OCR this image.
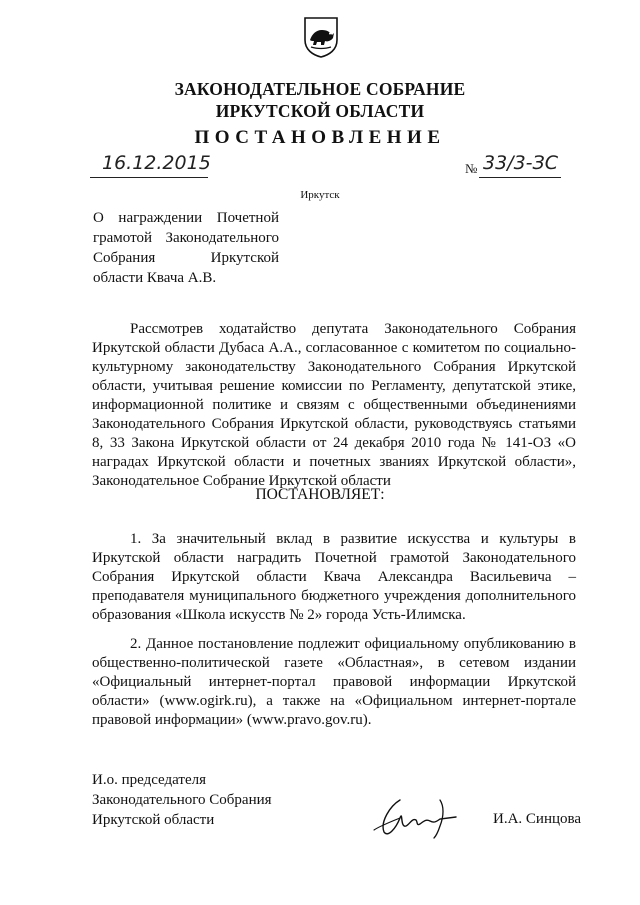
ЗАКОНОДАТЕЛЬНОЕ СОБРАНИЕ
ИРКУТСКОЙ ОБЛАСТИ
ПОСТАНОВЛЕНИЕ
16.12.2015	№ 33/3-ЗС
Иркутск
О награждении Почетной грамотой Законодательного Собрания Иркутской области Квача А.В.
Рассмотрев ходатайство депутата Законодательного Собрания Иркутской области Дубаса А.А., согласованное с комитетом по социально-культурному законодательству Законодательного Собрания Иркутской области, учитывая решение комиссии по Регламенту, депутатской этике, информационной политике и связям с общественными объединениями Законодательного Собрания Иркутской области, руководствуясь статьями 8, 33 Закона Иркутской области от 24 декабря 2010 года № 141-ОЗ «О наградах Иркутской области и почетных званиях Иркутской области», Законодательное Собрание Иркутской области
ПОСТАНОВЛЯЕТ:
1. За значительный вклад в развитие искусства и культуры в Иркутской области наградить Почетной грамотой Законодательного Собрания Иркутской области Квача Александра Васильевича – преподавателя муниципального бюджетного учреждения дополнительного образования «Школа искусств № 2» города Усть-Илимска.
2. Данное постановление подлежит официальному опубликованию в общественно-политической газете «Областная», в сетевом издании «Официальный интернет-портал правовой информации Иркутской области» (www.ogirk.ru), а также на «Официальном интернет-портале правовой информации» (www.pravo.gov.ru).
И.о. председателя
Законодательного Собрания
Иркутской области	И.А. Синцова
